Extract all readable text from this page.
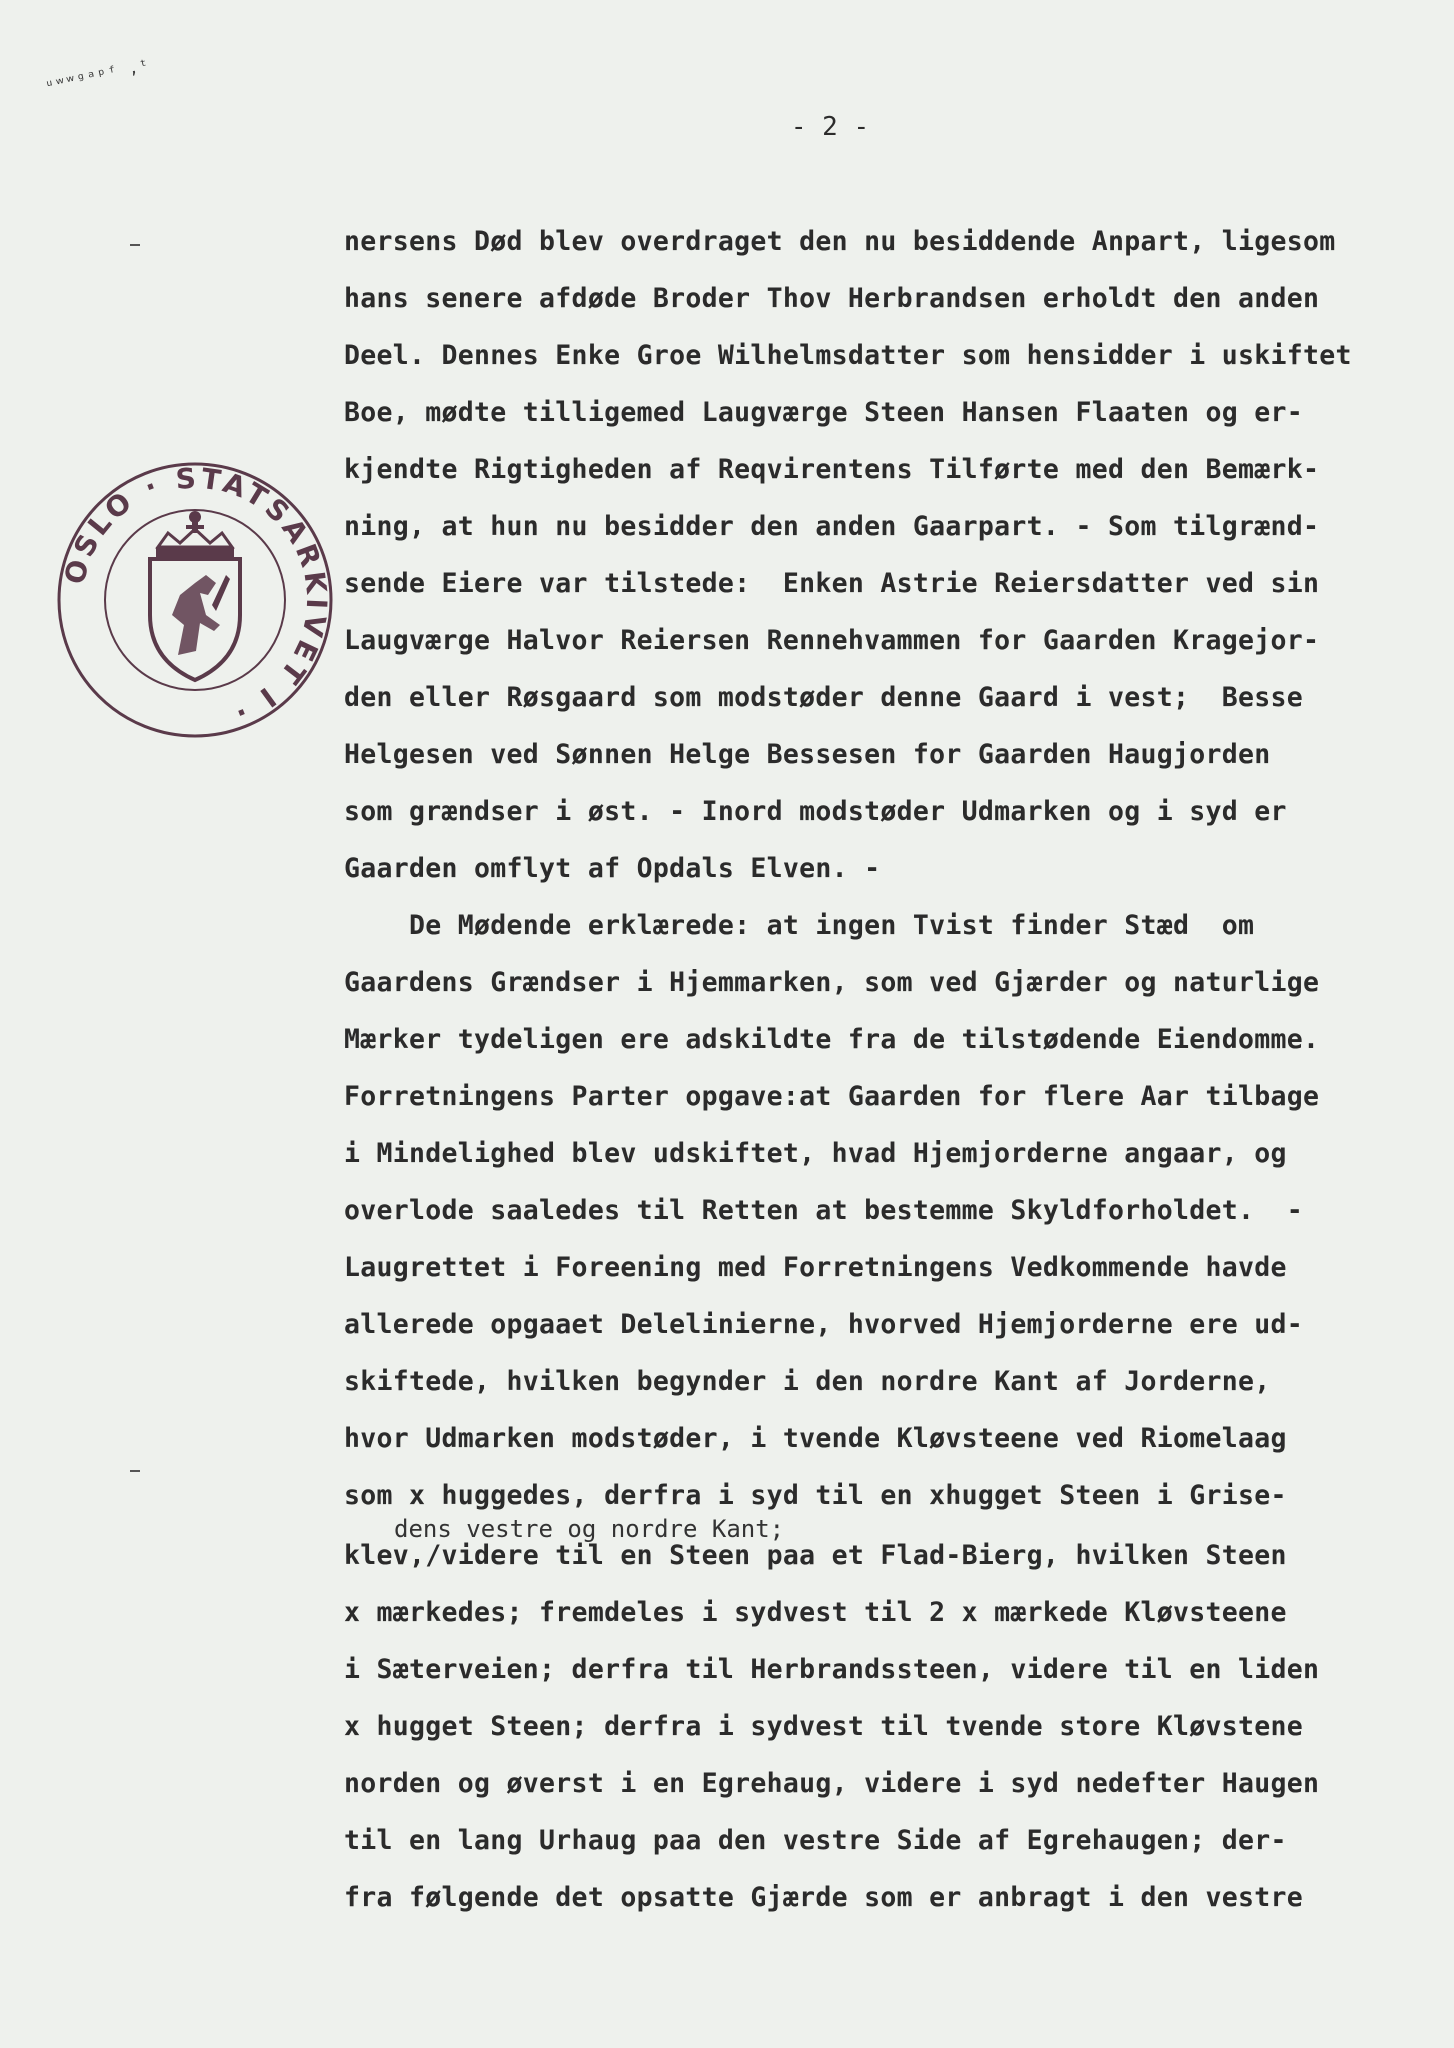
ᵘʷʷᵍᵃᵖᶠ ,ᵗ
- 2 -
OSLO · STATSARKIVET I ·
nersens Død blev overdraget den nu besiddende Anpart, ligesom
hans senere afdøde Broder Thov Herbrandsen erholdt den anden
Deel. Dennes Enke Groe Wilhelmsdatter som hensidder i uskiftet
Boe, mødte tilligemed Laugværge Steen Hansen Flaaten og er-
kjendte Rigtigheden af Reqvirentens Tilførte med den Bemærk-
ning, at hun nu besidder den anden Gaarpart. - Som tilgrænd-
sende Eiere var tilstede:  Enken Astrie Reiersdatter ved sin
Laugværge Halvor Reiersen Rennehvammen for Gaarden Kragejor-
den eller Røsgaard som modstøder denne Gaard i vest;  Besse
Helgesen ved Sønnen Helge Bessesen for Gaarden Haugjorden
som grændser i øst. - Inord modstøder Udmarken og i syd er
Gaarden omflyt af Opdals Elven. -
De Mødende erklærede: at ingen Tvist finder Stæd  om
Gaardens Grændser i Hjemmarken, som ved Gjærder og naturlige
Mærker tydeligen ere adskildte fra de tilstødende Eiendomme.
Forretningens Parter opgave:at Gaarden for flere Aar tilbage
i Mindelighed blev udskiftet, hvad Hjemjorderne angaar, og
overlode saaledes til Retten at bestemme Skyldforholdet.  -
Laugrettet i Foreening med Forretningens Vedkommende havde
allerede opgaaet Delelinierne, hvorved Hjemjorderne ere ud-
skiftede, hvilken begynder i den nordre Kant af Jorderne,
hvor Udmarken modstøder, i tvende Kløvsteene ved Riomelaag
som x huggedes, derfra i syd til en xhugget Steen i Grise-
dens vestre og nordre Kant;
klev,/videre til en Steen paa et Flad-Bierg, hvilken Steen
x mærkedes; fremdeles i sydvest til 2 x mærkede Kløvsteene
i Sæterveien; derfra til Herbrandssteen, videre til en liden
x hugget Steen; derfra i sydvest til tvende store Kløvstene
norden og øverst i en Egrehaug, videre i syd nedefter Haugen
til en lang Urhaug paa den vestre Side af Egrehaugen; der-
fra følgende det opsatte Gjærde som er anbragt i den vestre
